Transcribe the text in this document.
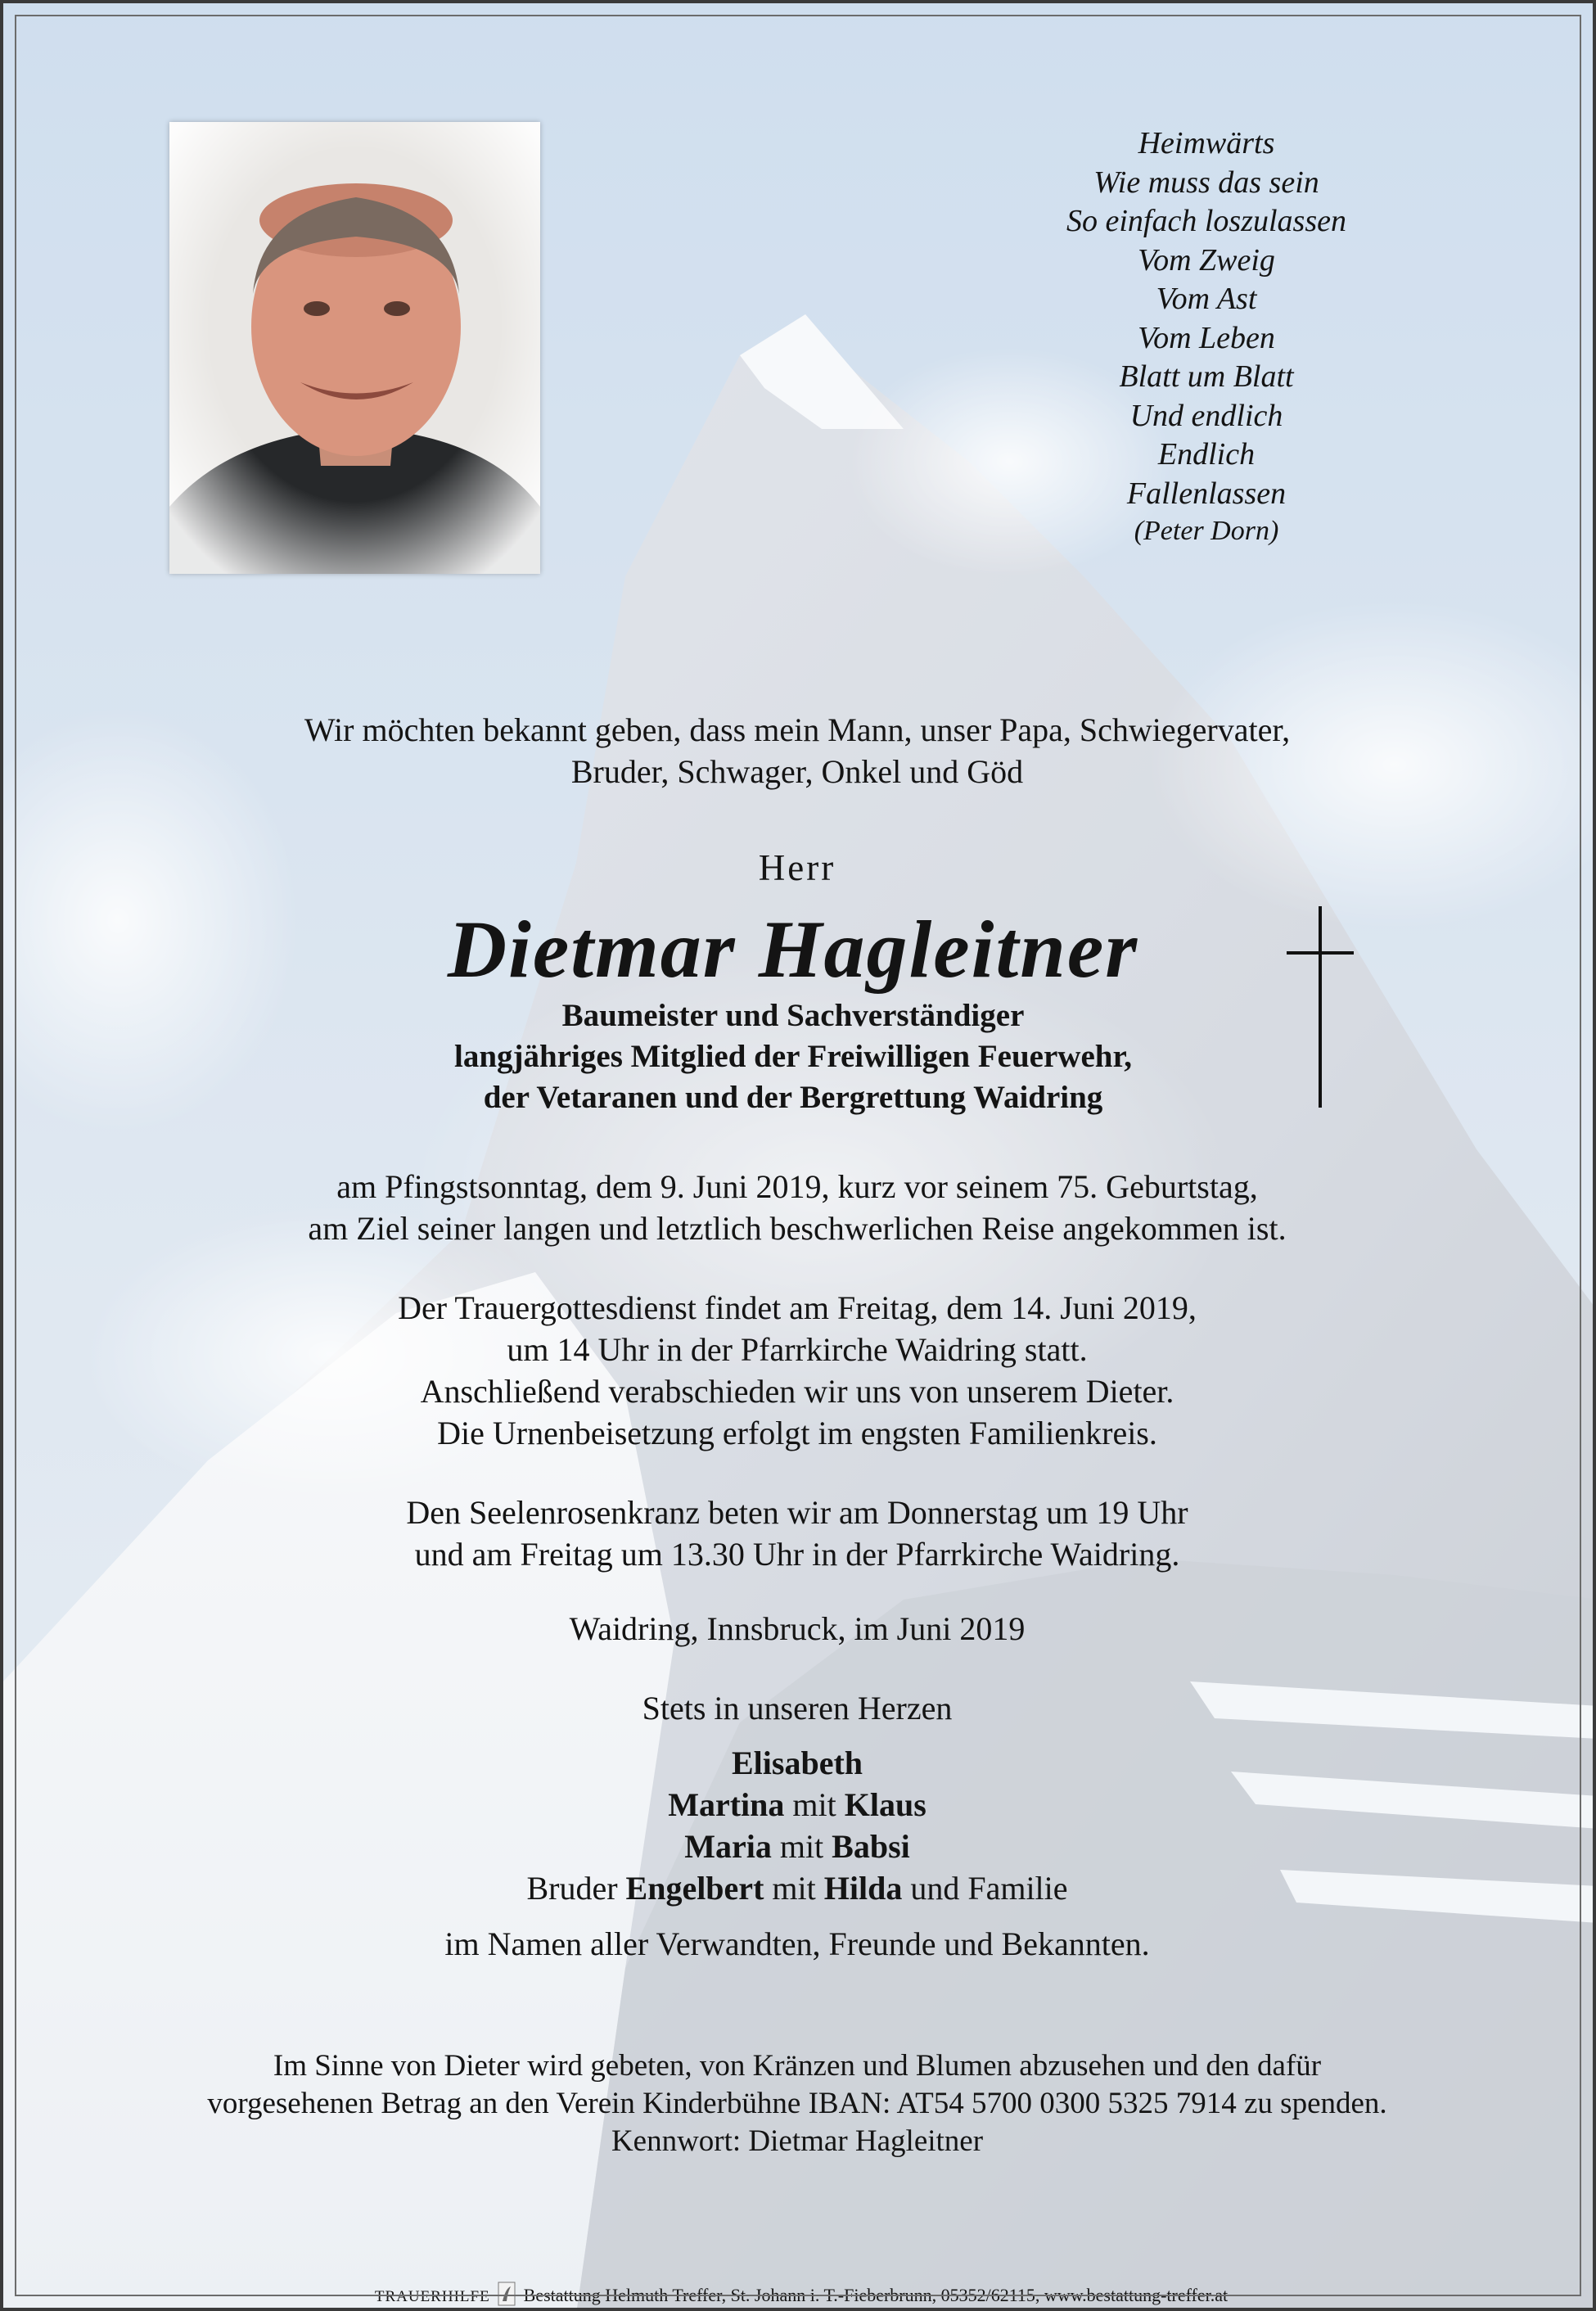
Heimwärts
Wie muss das sein
So einfach loszulassen
Vom Zweig
Vom Ast
Vom Leben
Blatt um Blatt
Und endlich
Endlich
Fallenlassen
(Peter Dorn)
Wir möchten bekannt geben, dass mein Mann, unser Papa, Schwiegervater,
Bruder, Schwager, Onkel und Göd
Herr
Dietmar Hagleitner
Baumeister und Sachverständiger
langjähriges Mitglied der Freiwilligen Feuerwehr,
der Vetaranen und der Bergrettung Waidring
am Pfingstsonntag, dem 9. Juni 2019, kurz vor seinem 75. Geburtstag,
am Ziel seiner langen und letztlich beschwerlichen Reise angekommen ist.
Der Trauergottesdienst findet am Freitag, dem 14. Juni 2019,
um 14 Uhr in der Pfarrkirche Waidring statt.
Anschließend verabschieden wir uns von unserem Dieter.
Die Urnenbeisetzung erfolgt im engsten Familienkreis.
Den Seelenrosenkranz beten wir am Donnerstag um 19 Uhr
und am Freitag um 13.30 Uhr in der Pfarrkirche Waidring.
Waidring, Innsbruck, im Juni 2019
Stets in unseren Herzen
Elisabeth
Martina mit Klaus
Maria mit Babsi
Bruder Engelbert mit Hilda und Familie
im Namen aller Verwandten, Freunde und Bekannten.
Im Sinne von Dieter wird gebeten, von Kränzen und Blumen abzusehen und den dafür
vorgesehenen Betrag an den Verein Kinderbühne IBAN: AT54 5700 0300 5325 7914 zu spenden.
Kennwort: Dietmar Hagleitner
TRAUERHILFE Bestattung Helmuth Treffer, St. Johann i. T.-Fieberbrunn, 05352/62115, www.bestattung-treffer.at
